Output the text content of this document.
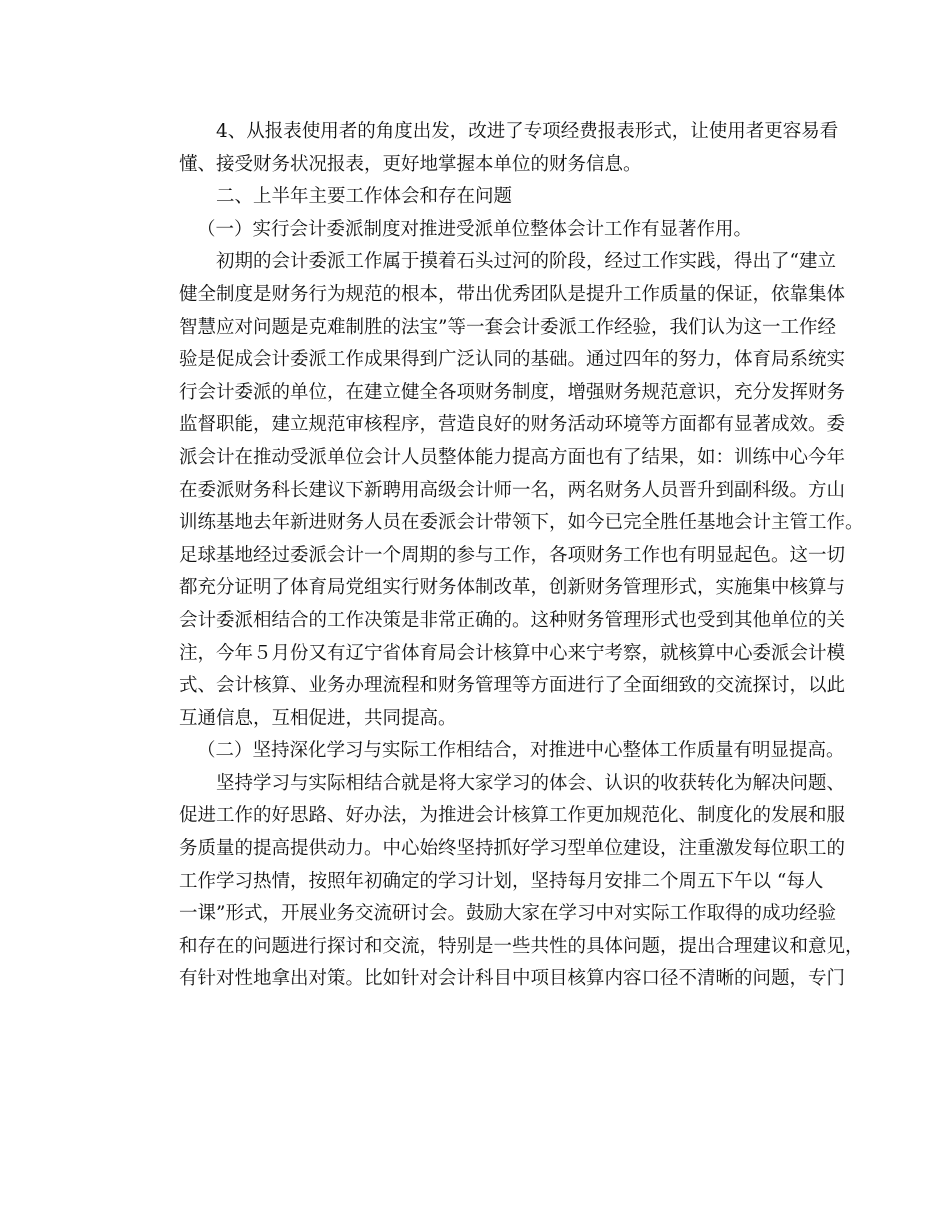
4、从报表使用者的角度出发，改进了专项经费报表形式，让使用者更容易看
懂、接受财务状况报表，更好地掌握本单位的财务信息。
二、上半年主要工作体会和存在问题
（一）实行会计委派制度对推进受派单位整体会计工作有显著作用。
初期的会计委派工作属于摸着石头过河的阶段，经过工作实践，得出了“建立
健全制度是财务行为规范的根本，带出优秀团队是提升工作质量的保证，依靠集体
智慧应对问题是克难制胜的法宝”等一套会计委派工作经验，我们认为这一工作经
验是促成会计委派工作成果得到广泛认同的基础。通过四年的努力，体育局系统实
行会计委派的单位，在建立健全各项财务制度，增强财务规范意识，充分发挥财务
监督职能，建立规范审核程序，营造良好的财务活动环境等方面都有显著成效。委
派会计在推动受派单位会计人员整体能力提高方面也有了结果，如：训练中心今年
在委派财务科长建议下新聘用高级会计师一名，两名财务人员晋升到副科级。方山
训练基地去年新进财务人员在委派会计带领下，如今已完全胜任基地会计主管工作。
足球基地经过委派会计一个周期的参与工作，各项财务工作也有明显起色。这一切
都充分证明了体育局党组实行财务体制改革，创新财务管理形式，实施集中核算与
会计委派相结合的工作决策是非常正确的。这种财务管理形式也受到其他单位的关
注，今年５月份又有辽宁省体育局会计核算中心来宁考察，就核算中心委派会计模
式、会计核算、业务办理流程和财务管理等方面进行了全面细致的交流探讨，以此
互通信息，互相促进，共同提高。
（二）坚持深化学习与实际工作相结合，对推进中心整体工作质量有明显提高。
坚持学习与实际相结合就是将大家学习的体会、认识的收获转化为解决问题、
促进工作的好思路、好办法，为推进会计核算工作更加规范化、制度化的发展和服
务质量的提高提供动力。中心始终坚持抓好学习型单位建设，注重激发每位职工的
工作学习热情，按照年初确定的学习计划，坚持每月安排二个周五下午以 “每人
一课”形式，开展业务交流研讨会。鼓励大家在学习中对实际工作取得的成功经验
和存在的问题进行探讨和交流，特别是一些共性的具体问题，提出合理建议和意见，
有针对性地拿出对策。比如针对会计科目中项目核算内容口径不清晰的问题，专门
